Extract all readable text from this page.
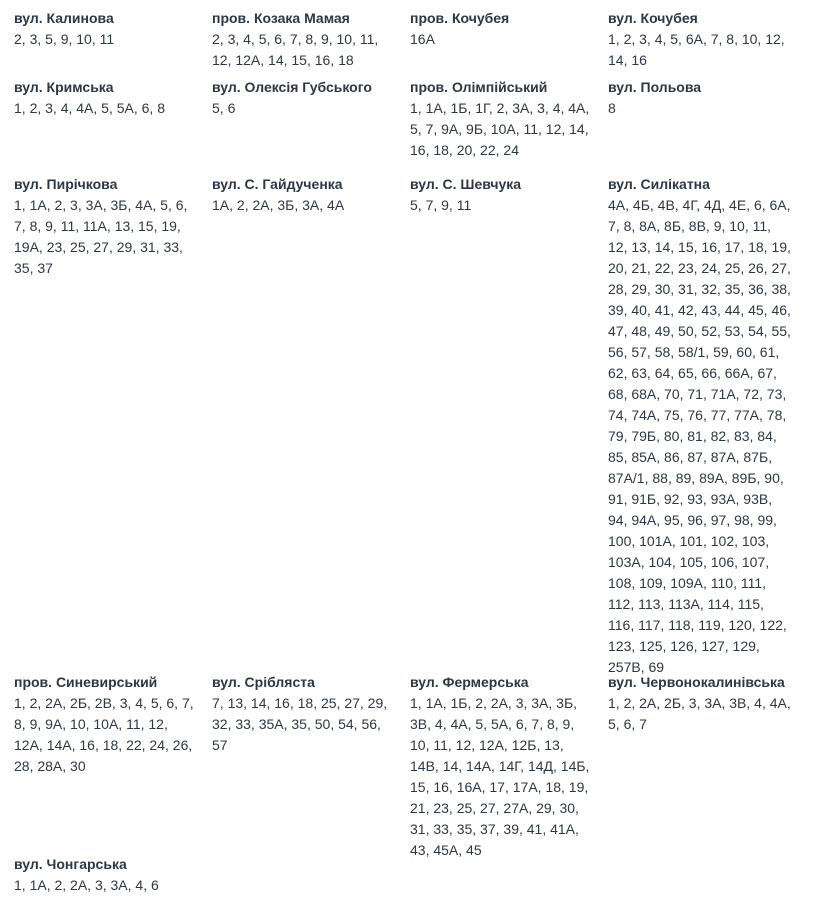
вул. Калинова
2, 3, 5, 9, 10, 11
пров. Козака Мамая
2, 3, 4, 5, 6, 7, 8, 9, 10, 11, 12, 12А, 14, 15, 16, 18
пров. Кочубея
16А
вул. Кочубея
1, 2, 3, 4, 5, 6А, 7, 8, 10, 12, 14, 16
вул. Кримська
1, 2, 3, 4, 4А, 5, 5А, 6, 8
вул. Олексія Губського
5, 6
пров. Олімпійський
1, 1А, 1Б, 1Г, 2, 3А, 3, 4, 4А, 5, 7, 9А, 9Б, 10А, 11, 12, 14, 16, 18, 20, 22, 24
вул. Польова
8
вул. Пирічкова
1, 1А, 2, 3, 3А, 3Б, 4А, 5, 6, 7, 8, 9, 11, 11А, 13, 15, 19, 19А, 23, 25, 27, 29, 31, 33, 35, 37
вул. С. Гайдученка
1А, 2, 2А, 3Б, 3А, 4А
вул. С. Шевчука
5, 7, 9, 11
вул. Силікатна
4А, 4Б, 4В, 4Г, 4Д, 4Е, 6, 6А, 7, 8, 8А, 8Б, 8В, 9, 10, 11, 12, 13, 14, 15, 16, 17, 18, 19, 20, 21, 22, 23, 24, 25, 26, 27, 28, 29, 30, 31, 32, 35, 36, 38, 39, 40, 41, 42, 43, 44, 45, 46, 47, 48, 49, 50, 52, 53, 54, 55, 56, 57, 58, 58/1, 59, 60, 61, 62, 63, 64, 65, 66, 66А, 67, 68, 68А, 70, 71, 71А, 72, 73, 74, 74А, 75, 76, 77, 77А, 78, 79, 79Б, 80, 81, 82, 83, 84, 85, 85А, 86, 87, 87А, 87Б, 87А/1, 88, 89, 89А, 89Б, 90, 91, 91Б, 92, 93, 93А, 93В, 94, 94А, 95, 96, 97, 98, 99, 100, 101А, 101, 102, 103, 103А, 104, 105, 106, 107, 108, 109, 109А, 110, 111, 112, 113, 113А, 114, 115, 116, 117, 118, 119, 120, 122, 123, 125, 126, 127, 129, 257В, 69
пров. Синевирський
1, 2, 2А, 2Б, 2В, 3, 4, 5, 6, 7, 8, 9, 9А, 10, 10А, 11, 12, 12А, 14А, 16, 18, 22, 24, 26, 28, 28А, 30
вул. Срібляста
7, 13, 14, 16, 18, 25, 27, 29, 32, 33, 35А, 35, 50, 54, 56, 57
вул. Фермерська
1, 1А, 1Б, 2, 2А, 3, 3А, 3Б, 3В, 4, 4А, 5, 5А, 6, 7, 8, 9, 10, 11, 12, 12А, 12Б, 13, 14В, 14, 14А, 14Г, 14Д, 14Б, 15, 16, 16А, 17, 17А, 18, 19, 21, 23, 25, 27, 27А, 29, 30, 31, 33, 35, 37, 39, 41, 41А, 43, 45А, 45
вул. Червонокалинівська
1, 2, 2А, 2Б, 3, 3А, 3В, 4, 4А, 5, 6, 7
вул. Чонгарська
1, 1А, 2, 2А, 3, 3А, 4, 6
